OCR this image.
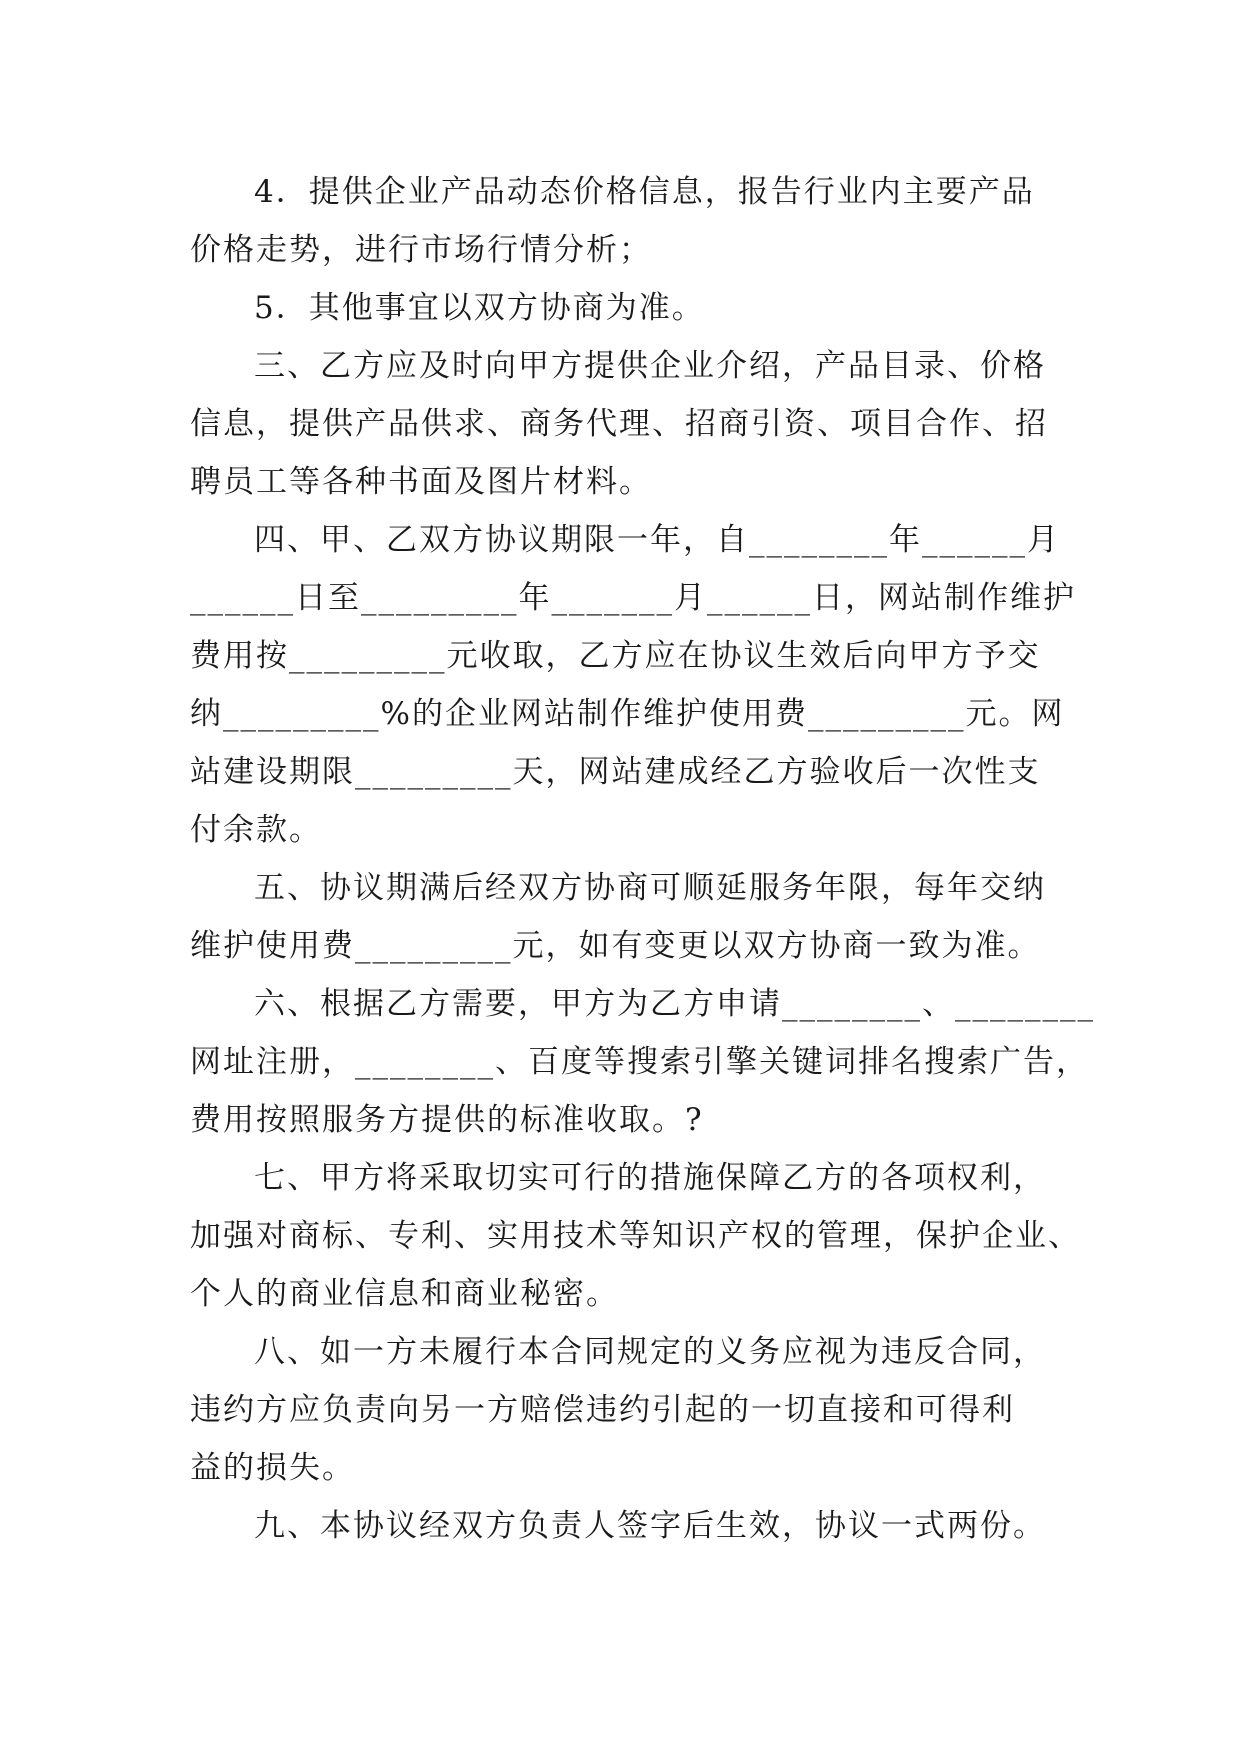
4．提供企业产品动态价格信息，报告行业内主要产品
价格走势，进行市场行情分析；
5．其他事宜以双方协商为准。
三、乙方应及时向甲方提供企业介绍，产品目录、价格
信息，提供产品供求、商务代理、招商引资、项目合作、招
聘员工等各种书面及图片材料。
四、甲、乙双方协议期限一年，自________年______月
______日至_________年_______月______日，网站制作维护
费用按_________元收取，乙方应在协议生效后向甲方予交
纳_________%的企业网站制作维护使用费_________元。网
站建设期限_________天，网站建成经乙方验收后一次性支
付余款。
五、协议期满后经双方协商可顺延服务年限，每年交纳
维护使用费_________元，如有变更以双方协商一致为准。
六、根据乙方需要，甲方为乙方申请________、________
网址注册，________、百度等搜索引擎关键词排名搜索广告，
费用按照服务方提供的标准收取。?
七、甲方将采取切实可行的措施保障乙方的各项权利，
加强对商标、专利、实用技术等知识产权的管理，保护企业、
个人的商业信息和商业秘密。
八、如一方未履行本合同规定的义务应视为违反合同，
违约方应负责向另一方赔偿违约引起的一切直接和可得利
益的损失。
九、本协议经双方负责人签字后生效，协议一式两份。
